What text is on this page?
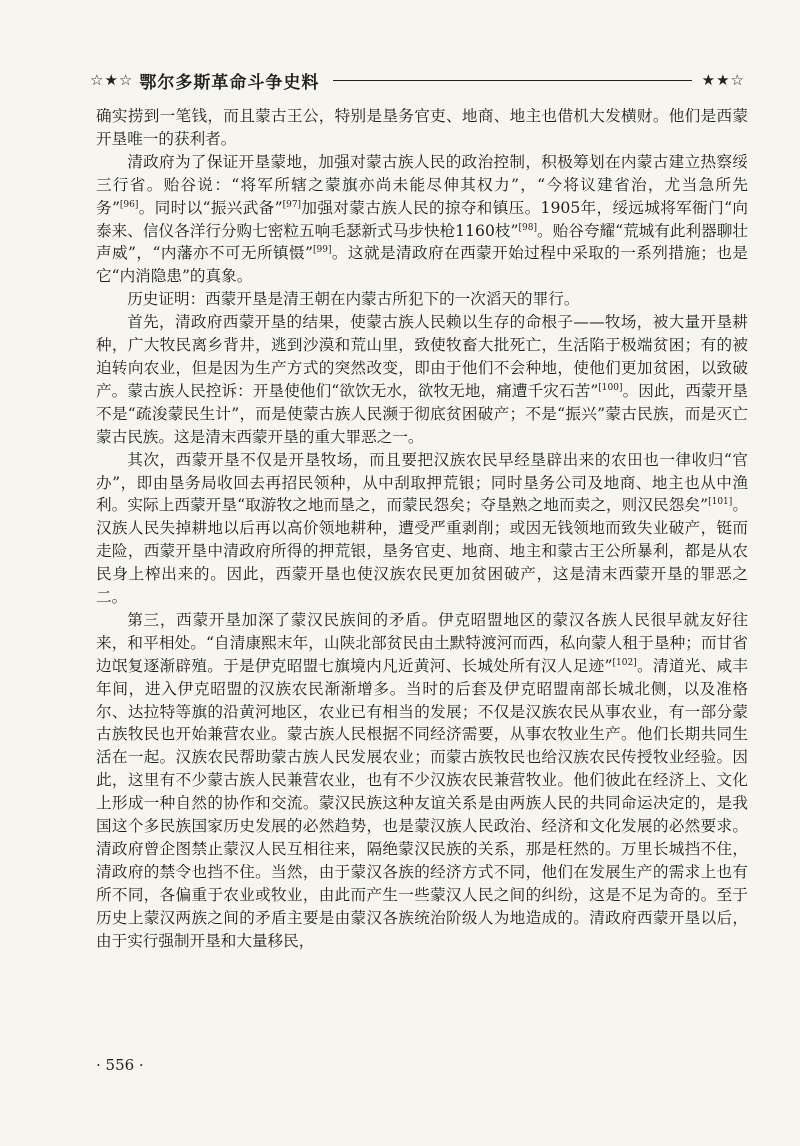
☆★☆ 鄂尔多斯革命斗争史料	★★☆

确实捞到一笔钱，而且蒙古王公，特别是垦务官吏、地商、地主也借机大发横财。他们是西蒙开垦唯一的获利者。

清政府为了保证开垦蒙地，加强对蒙古族人民的政治控制，积极筹划在内蒙古建立热察绥三行省。贻谷说：“将军所辖之蒙旗亦尚未能尽伸其权力”，“今将议建省治，尤当急所先务”[96]。同时以“振兴武备”[97]加强对蒙古族人民的掠夺和镇压。1905年，绥远城将军衙门“向泰来、信仪各洋行分购七密粒五响毛瑟新式马步快枪1160枝”[98]。贻谷夸耀“荒城有此利器聊壮声威”，“内藩亦不可无所镇慑”[99]。这就是清政府在西蒙开始过程中采取的一系列措施；也是它“内消隐患”的真象。

历史证明：西蒙开垦是清王朝在内蒙古所犯下的一次滔天的罪行。

首先，清政府西蒙开垦的结果，使蒙古族人民赖以生存的命根子——牧场，被大量开垦耕种，广大牧民离乡背井，逃到沙漠和荒山里，致使牧畜大批死亡，生活陷于极端贫困；有的被迫转向农业，但是因为生产方式的突然改变，即由于他们不会种地，使他们更加贫困，以致破产。蒙古族人民控诉：开垦使他们“欲饮无水，欲牧无地，痛遭千灾石苦”[100]。因此，西蒙开垦不是“疏浚蒙民生计”，而是使蒙古族人民濒于彻底贫困破产；不是“振兴”蒙古民族，而是灭亡蒙古民族。这是清末西蒙开垦的重大罪恶之一。

其次，西蒙开垦不仅是开垦牧场，而且要把汉族农民早经垦辟出来的农田也一律收归“官办”，即由垦务局收回去再招民领种，从中刮取押荒银；同时垦务公司及地商、地主也从中渔利。实际上西蒙开垦“取游牧之地而垦之，而蒙民怨矣；夺垦熟之地而卖之，则汉民怨矣”[101]。汉族人民失掉耕地以后再以高价领地耕种，遭受严重剥削；或因无钱领地而致失业破产，铤而走险，西蒙开垦中清政府所得的押荒银，垦务官吏、地商、地主和蒙古王公所暴利，都是从农民身上榨出来的。因此，西蒙开垦也使汉族农民更加贫困破产，这是清末西蒙开垦的罪恶之二。

第三，西蒙开垦加深了蒙汉民族间的矛盾。伊克昭盟地区的蒙汉各族人民很早就友好往来，和平相处。“自清康熙末年，山陕北部贫民由土默特渡河而西，私向蒙人租于垦种；而甘省边氓复逐渐辟殖。于是伊克昭盟七旗境内凡近黄河、长城处所有汉人足迹”[102]。清道光、咸丰年间，进入伊克昭盟的汉族农民渐渐增多。当时的后套及伊克昭盟南部长城北侧，以及准格尔、达拉特等旗的沿黄河地区，农业已有相当的发展；不仅是汉族农民从事农业，有一部分蒙古族牧民也开始兼营农业。蒙古族人民根据不同经济需要，从事农牧业生产。他们长期共同生活在一起。汉族农民帮助蒙古族人民发展农业；而蒙古族牧民也给汉族农民传授牧业经验。因此，这里有不少蒙古族人民兼营农业，也有不少汉族农民兼营牧业。他们彼此在经济上、文化上形成一种自然的协作和交流。蒙汉民族这种友谊关系是由两族人民的共同命运决定的，是我国这个多民族国家历史发展的必然趋势，也是蒙汉族人民政治、经济和文化发展的必然要求。清政府曾企图禁止蒙汉人民互相往来，隔绝蒙汉民族的关系，那是枉然的。万里长城挡不住，清政府的禁令也挡不住。当然，由于蒙汉各族的经济方式不同，他们在发展生产的需求上也有所不同，各偏重于农业或牧业，由此而产生一些蒙汉人民之间的纠纷，这是不足为奇的。至于历史上蒙汉两族之间的矛盾主要是由蒙汉各族统治阶级人为地造成的。清政府西蒙开垦以后，由于实行强制开垦和大量移民，

· 556 ·
